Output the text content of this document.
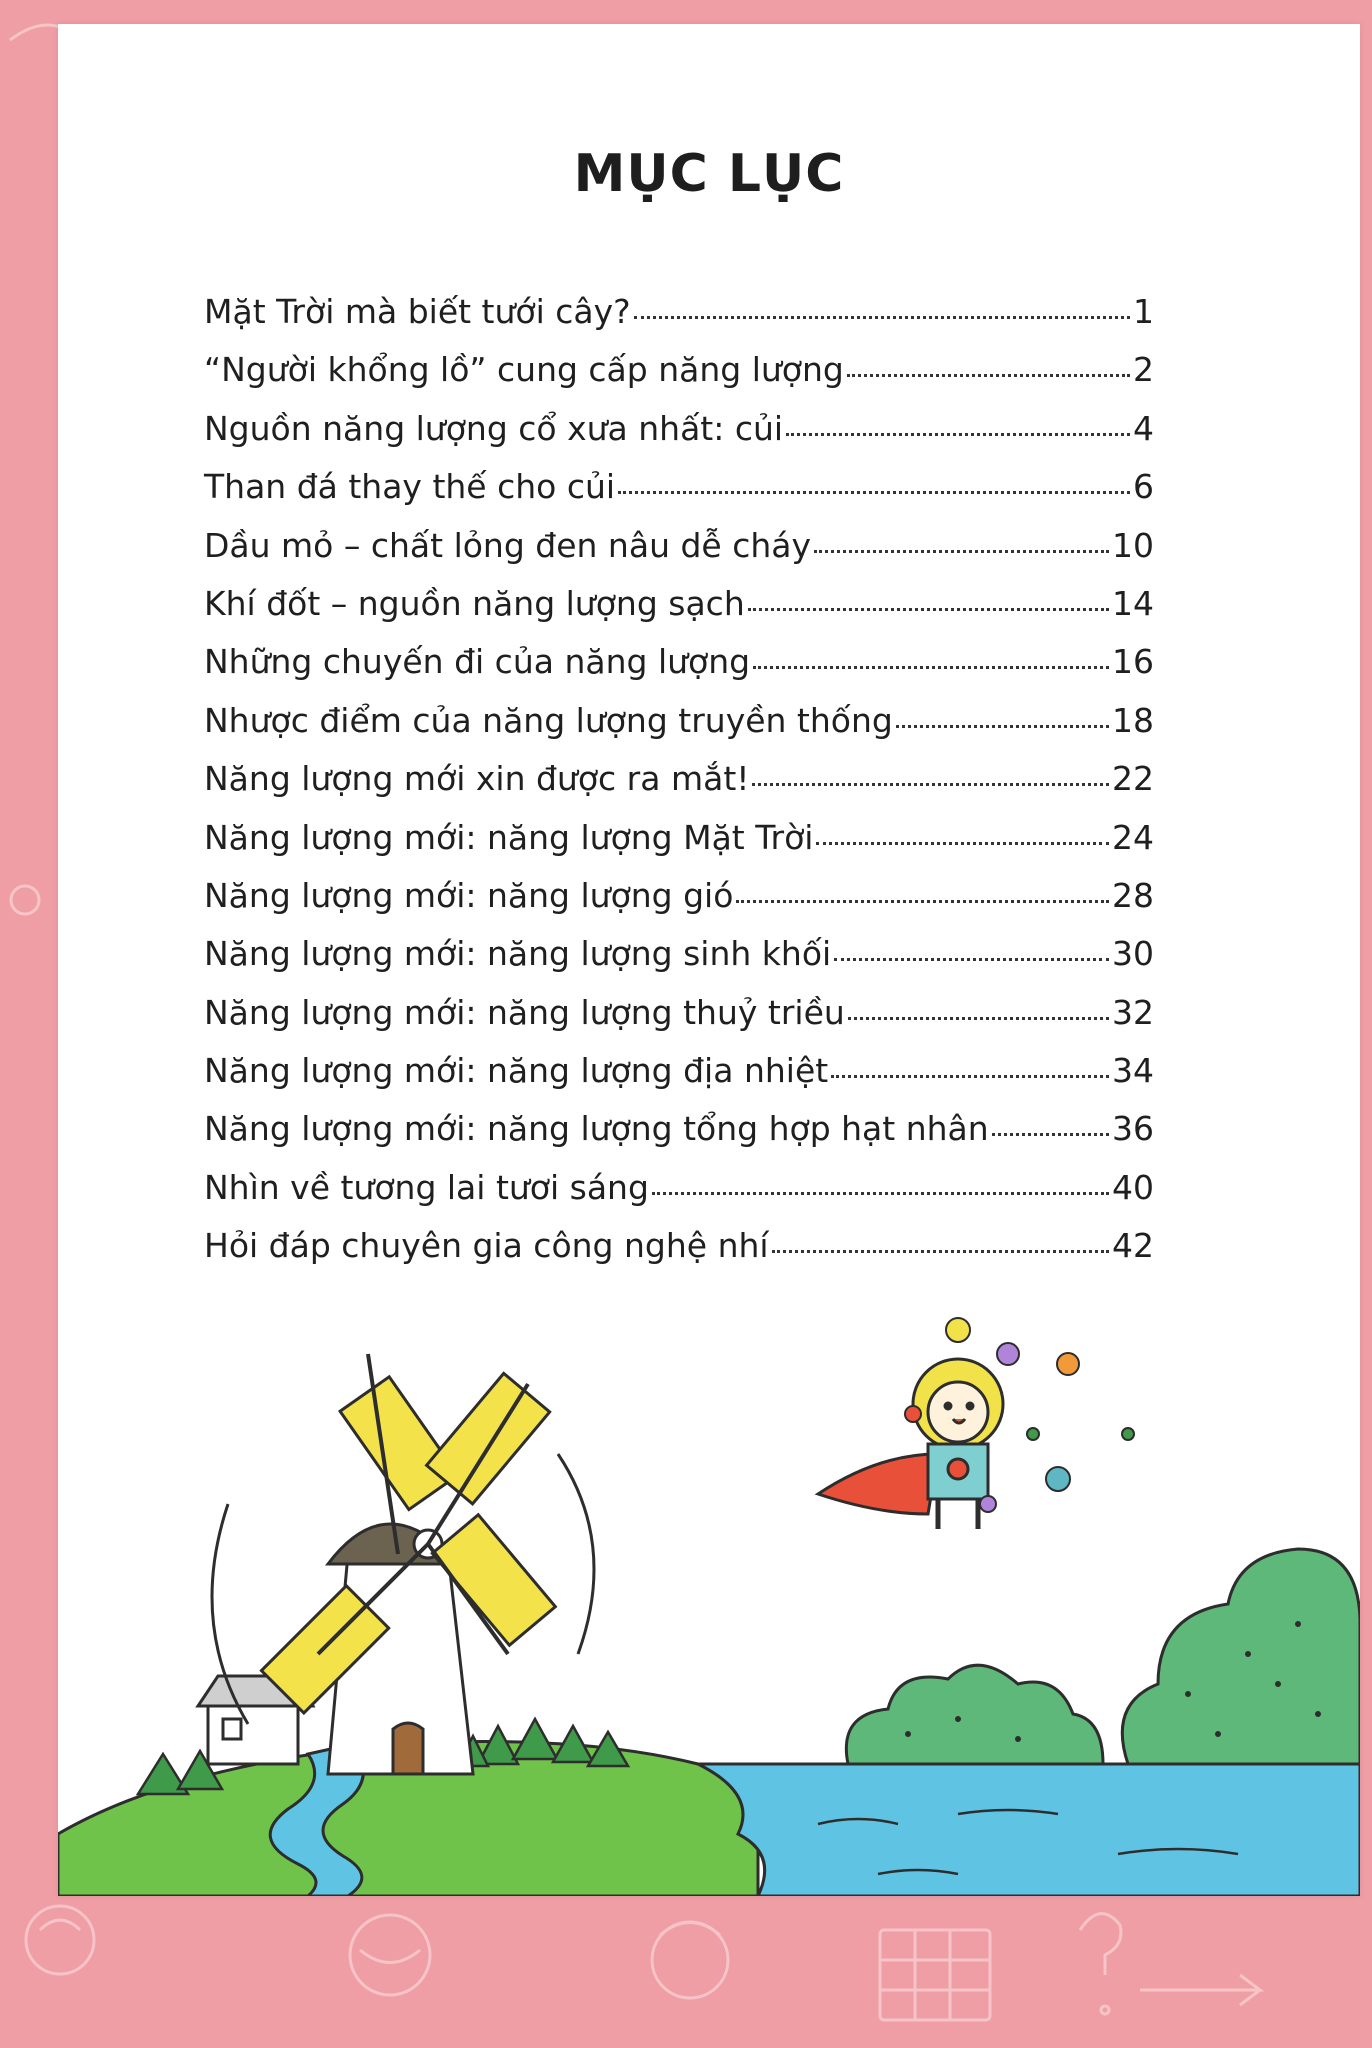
MỤC LỤC
Mặt Trời mà biết tưới cây?	1
“Người khổng lồ” cung cấp năng lượng	2
Nguồn năng lượng cổ xưa nhất: củi	4
Than đá thay thế cho củi	6
Dầu mỏ – chất lỏng đen nâu dễ cháy	10
Khí đốt – nguồn năng lượng sạch	14
Những chuyến đi của năng lượng	16
Nhược điểm của năng lượng truyền thống	18
Năng lượng mới xin được ra mắt!	22
Năng lượng mới: năng lượng Mặt Trời	24
Năng lượng mới: năng lượng gió	28
Năng lượng mới: năng lượng sinh khối	30
Năng lượng mới: năng lượng thuỷ triều	32
Năng lượng mới: năng lượng địa nhiệt	34
Năng lượng mới: năng lượng tổng hợp hạt nhân	36
Nhìn về tương lai tươi sáng	40
Hỏi đáp chuyên gia công nghệ nhí	42
